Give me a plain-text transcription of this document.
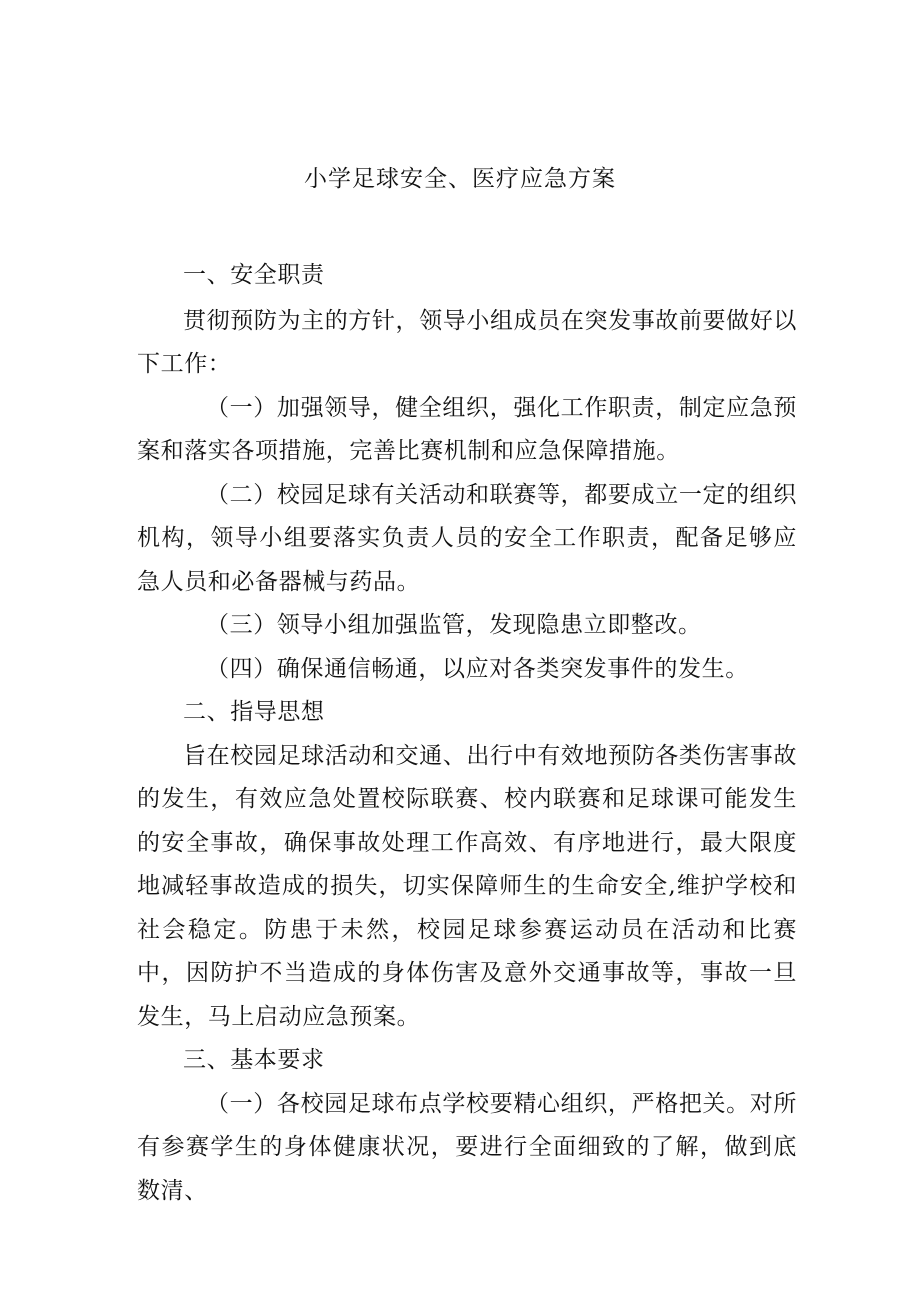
小学足球安全、医疗应急方案

一、安全职责

贯彻预防为主的方针，领导小组成员在突发事故前要做好以下工作：

（一）加强领导，健全组织，强化工作职责，制定应急预案和落实各项措施，完善比赛机制和应急保障措施。

（二）校园足球有关活动和联赛等，都要成立一定的组织机构，领导小组要落实负责人员的安全工作职责，配备足够应急人员和必备器械与药品。

（三）领导小组加强监管，发现隐患立即整改。

（四）确保通信畅通，以应对各类突发事件的发生。

二、指导思想

旨在校园足球活动和交通、出行中有效地预防各类伤害事故的发生，有效应急处置校际联赛、校内联赛和足球课可能发生的安全事故，确保事故处理工作高效、有序地进行，最大限度地减轻事故造成的损失，切实保障师生的生命安全,维护学校和社会稳定。防患于未然，校园足球参赛运动员在活动和比赛中，因防护不当造成的身体伤害及意外交通事故等，事故一旦发生，马上启动应急预案。

三、基本要求

（一）各校园足球布点学校要精心组织，严格把关。对所有参赛学生的身体健康状况，要进行全面细致的了解，做到底数清、
